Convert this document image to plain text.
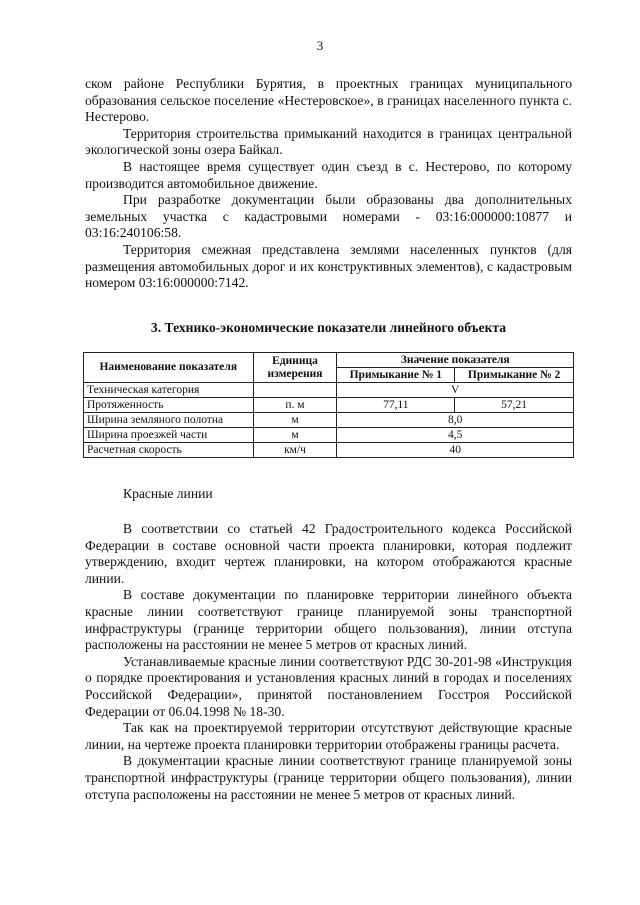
3

ском районе Республики Бурятия, в проектных границах муниципального образования сельское поселение «Нестеровское», в границах населенного пункта с. Нестерово.

Территория строительства примыканий находится в границах центральной экологической зоны озера Байкал.

В настоящее время существует один съезд в с. Нестерово, по которому производится автомобильное движение.

При разработке документации были образованы два дополнительных земельных участка с кадастровыми номерами - 03:16:000000:10877 и 03:16:240106:58.

Территория смежная представлена землями населенных пунктов (для размещения автомобильных дорог и их конструктивных элементов), с кадастровым номером 03:16:000000:7142.

3. Технико-экономические показатели линейного объекта
Наименование показателя	Единица измерения	Значение показателя	
		Примыкание № 1	Примыкание № 2
Техническая категория		V	
Протяженность	п. м	77,11	57,21
Ширина земляного полотна	м	8,0	
Ширина проезжей части	м	4,5	
Расчетная скорость	км/ч	40	
Красные линии

В соответствии со статьей 42 Градостроительного кодекса Российской Федерации в составе основной части проекта планировки, которая подлежит утверждению, входит чертеж планировки, на котором отображаются красные линии.

В составе документации по планировке территории линейного объекта красные линии соответствуют границе планируемой зоны транспортной инфраструктуры (границе территории общего пользования), линии отступа расположены на расстоянии не менее 5 метров от красных линий.

Устанавливаемые красные линии соответствуют РДС 30-201-98 «Инструкция о порядке проектирования и установления красных линий в городах и поселениях Российской Федерации», принятой постановлением Госстроя Российской Федерации от 06.04.1998 № 18-30.

Так как на проектируемой территории отсутствуют действующие красные линии, на чертеже проекта планировки территории отображены границы расчета.

В документации красные линии соответствуют границе планируемой зоны транспортной инфраструктуры (границе территории общего пользования), линии отступа расположены на расстоянии не менее 5 метров от красных линий.
